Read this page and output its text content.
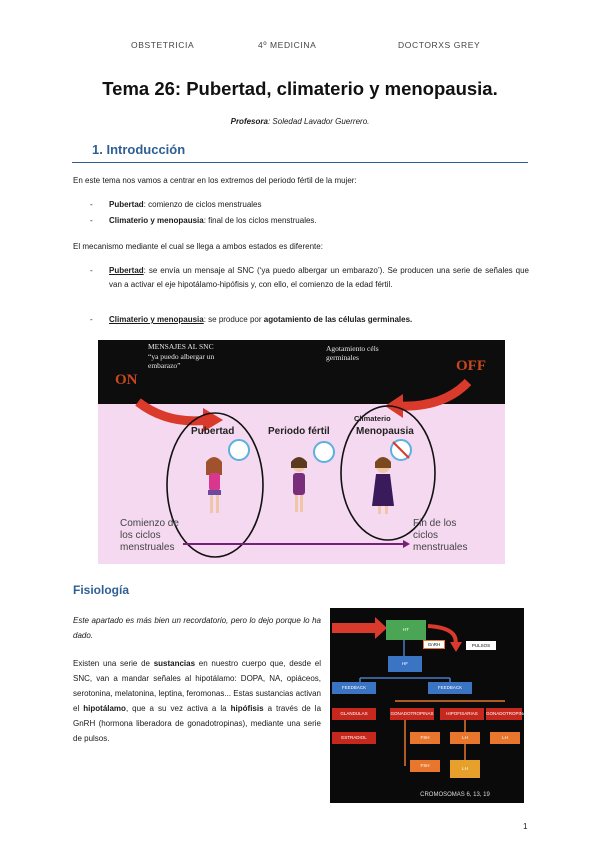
OBSTETRICIA	4º MEDICINA	DOCTORXS GREY
Tema 26: Pubertad, climaterio y menopausia.
Profesora: Soledad Lavador Guerrero.
1. Introducción
En este tema nos vamos a centrar en los extremos del periodo fértil de la mujer:
- Pubertad: comienzo de ciclos menstruales
- Climaterio y menopausia: final de los ciclos menstruales.
El mecanismo mediante el cual se llega a ambos estados es diferente:
- Pubertad: se envía un mensaje al SNC (‘ya puedo albergar un embarazo’). Se producen una serie de señales que van a activar el eje hipotálamo-hipófisis y, con ello, el comienzo de la edad fértil.
- Climaterio y menopausia: se produce por agotamiento de las células germinales.
MENSAJES AL SNC
“ya puedo albergar un embarazo”
Agotamiento céls germinales
ON
OFF
Pubertad	Periodo fértil
Climaterio
Menopausia
Comienzo de los ciclos menstruales
Fin de los ciclos menstruales
Fisiología
Este apartado es más bien un recordatorio, pero lo dejo porque lo ha dado.
Existen una serie de sustancias en nuestro cuerpo que, desde el SNC, van a mandar señales al hipotálamo: DOPA, NA, opiáceos, serotonina, melatonina, leptina, feromonas... Estas sustancias activan el hipotálamo, que a su vez activa a la hipófisis a través de la GnRH (hormona liberadora de gonadotropinas), mediante una serie de pulsos.
HT
GnRH	PULSOS
HF
FEEDBACK	FEEDBACK
GLANDULAS	GONADOTROPINAS	HIPOFISARIAS	GONADOTROPINAS
ESTRADIOL	FSH	LH	LH
FSH
LH
CROMOSOMAS 6, 13, 19
1
